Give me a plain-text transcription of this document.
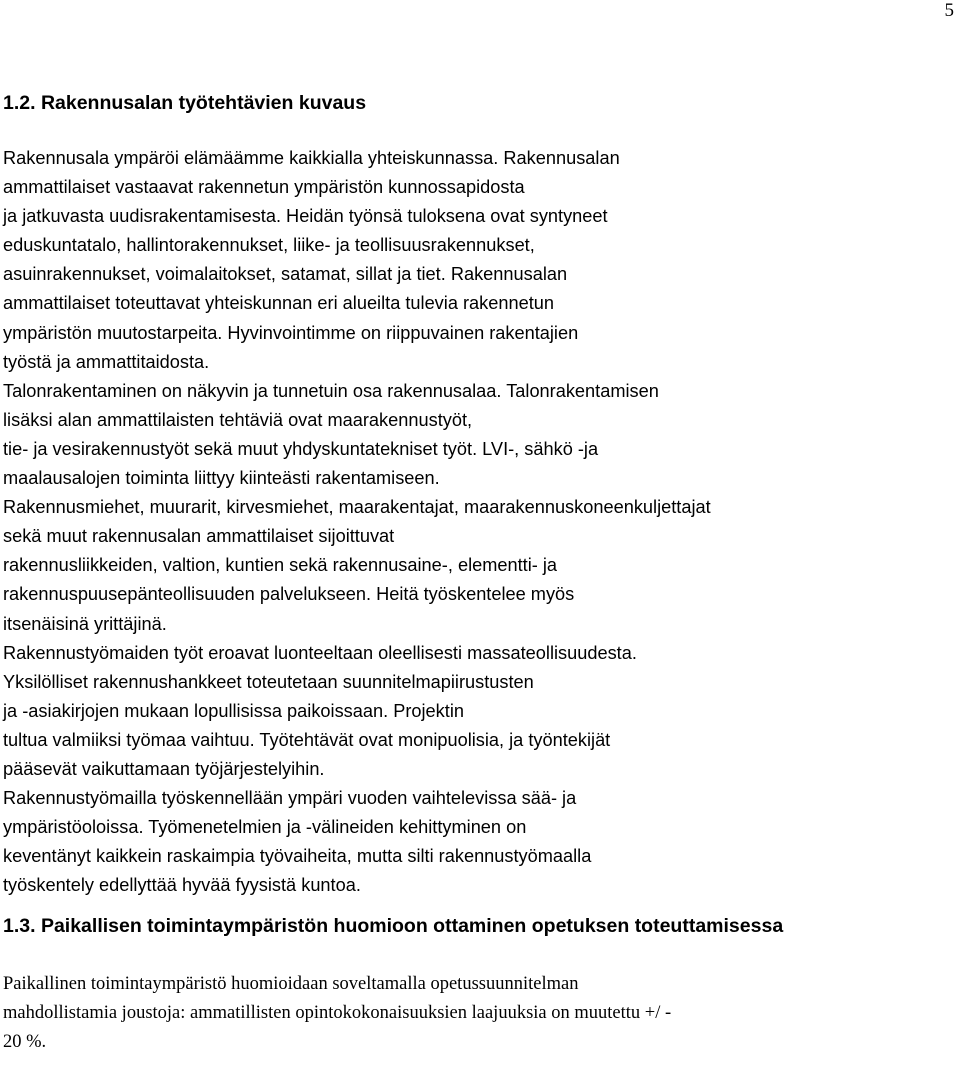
5
1.2. Rakennusalan työtehtävien kuvaus
Rakennusala ympäröi elämäämme kaikkialla yhteiskunnassa. Rakennusalan
ammattilaiset vastaavat rakennetun ympäristön kunnossapidosta
ja jatkuvasta uudisrakentamisesta. Heidän työnsä tuloksena ovat syntyneet
eduskuntatalo, hallintorakennukset, liike- ja teollisuusrakennukset,
asuinrakennukset, voimalaitokset, satamat, sillat ja tiet. Rakennusalan
ammattilaiset toteuttavat yhteiskunnan eri alueilta tulevia rakennetun
ympäristön muutostarpeita. Hyvinvointimme on riippuvainen rakentajien
työstä ja ammattitaidosta.
Talonrakentaminen on näkyvin ja tunnetuin osa rakennusalaa. Talonrakentamisen
lisäksi alan ammattilaisten tehtäviä ovat maarakennustyöt,
tie- ja vesirakennustyöt sekä muut yhdyskuntatekniset työt. LVI-, sähkö -ja
maalausalojen toiminta liittyy kiinteästi rakentamiseen.
Rakennusmiehet, muurarit, kirvesmiehet, maarakentajat, maarakennuskoneenkuljettajat
sekä muut rakennusalan ammattilaiset sijoittuvat
rakennusliikkeiden, valtion, kuntien sekä rakennusaine-, elementti- ja
rakennuspuusepänteollisuuden palvelukseen. Heitä työskentelee myös
itsenäisinä yrittäjinä.
Rakennustyömaiden työt eroavat luonteeltaan oleellisesti massateollisuudesta.
Yksilölliset rakennushankkeet toteutetaan suunnitelmapiirustusten
ja -asiakirjojen mukaan lopullisissa paikoissaan. Projektin
tultua valmiiksi työmaa vaihtuu. Työtehtävät ovat monipuolisia, ja työntekijät
pääsevät vaikuttamaan työjärjestelyihin.
Rakennustyömailla työskennellään ympäri vuoden vaihtelevissa sää- ja
ympäristöoloissa. Työmenetelmien ja -välineiden kehittyminen on
keventänyt kaikkein raskaimpia työvaiheita, mutta silti rakennustyömaalla
työskentely edellyttää hyvää fyysistä kuntoa.
1.3. Paikallisen toimintaympäristön huomioon ottaminen opetuksen toteuttamisessa
Paikallinen toimintaympäristö huomioidaan soveltamalla opetussuunnitelman
mahdollistamia joustoja: ammatillisten opintokokonaisuuksien laajuuksia on muutettu +/ -
20 %.
